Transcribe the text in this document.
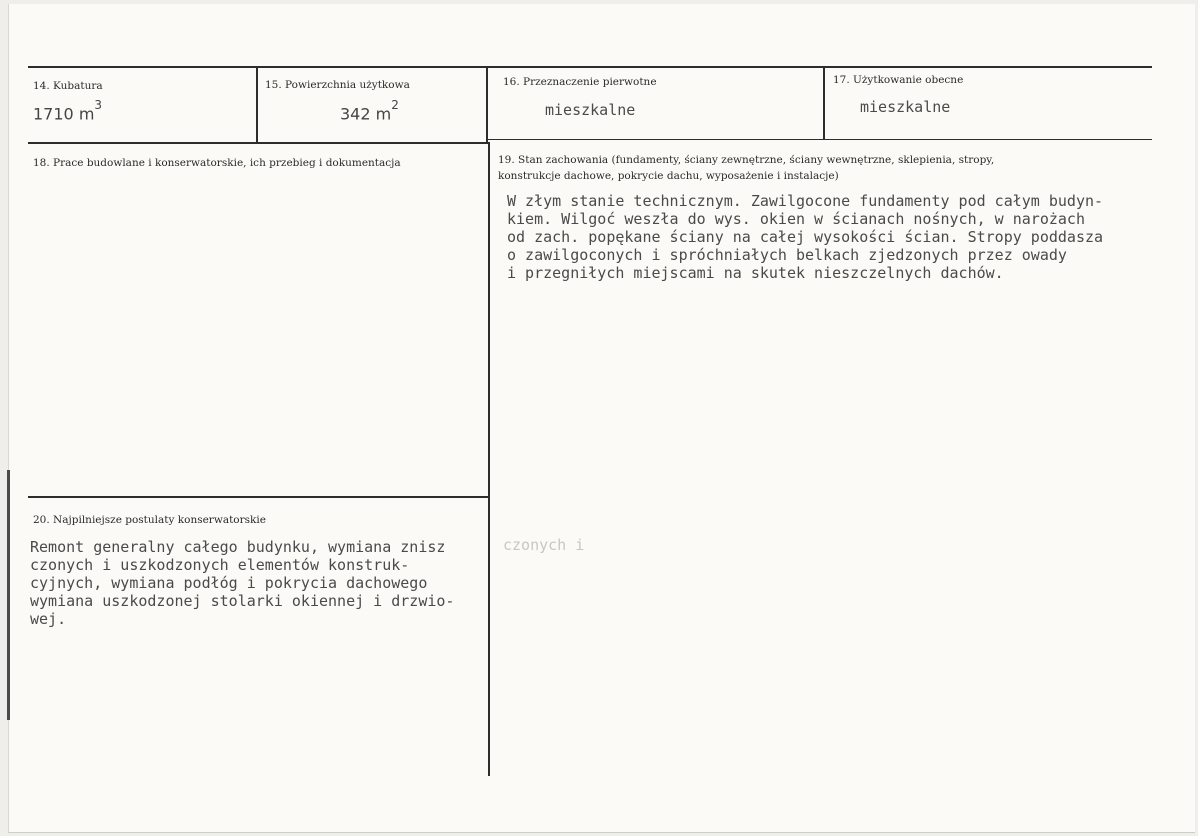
14. Kubatura
1710 $m^3$
15. Powierzchnia użytkowa
342 $m^2$
16. Przeznaczenie pierwotne
mieszkalne
17. Użytkowanie obecne
mieszkalne
18. Prace budowlane i konserwatorskie, ich przebieg i dokumentacja	19. Stan zachowania (fundamenty, ściany zewnętrzne, ściany wewnętrzne, sklepienia, stropy,
konstrukcje dachowe, pokrycie dachu, wyposażenie i instalacje)
W złym stanie technicznym. Zawilgocone fundamenty pod całym budyn-
kiem. Wilgoć weszła do wys. okien w ścianach nośnych, w narożach
od zach. popękane ściany na całej wysokości ścian. Stropy poddasza
o zawilgoconych i spróchniałych belkach zjedzonych przez owady
i przegniłych miejscami na skutek nieszczelnych dachów.
20. Najpilniejsze postulaty konserwatorskie
Remont generalny całego budynku, wymiana znisz	czonych i
czonych i uszkodzonych elementów konstruk-
cyjnych, wymiana podłóg i pokrycia dachowego
wymiana uszkodzonej stolarki okiennej i drzwio-
wej.
